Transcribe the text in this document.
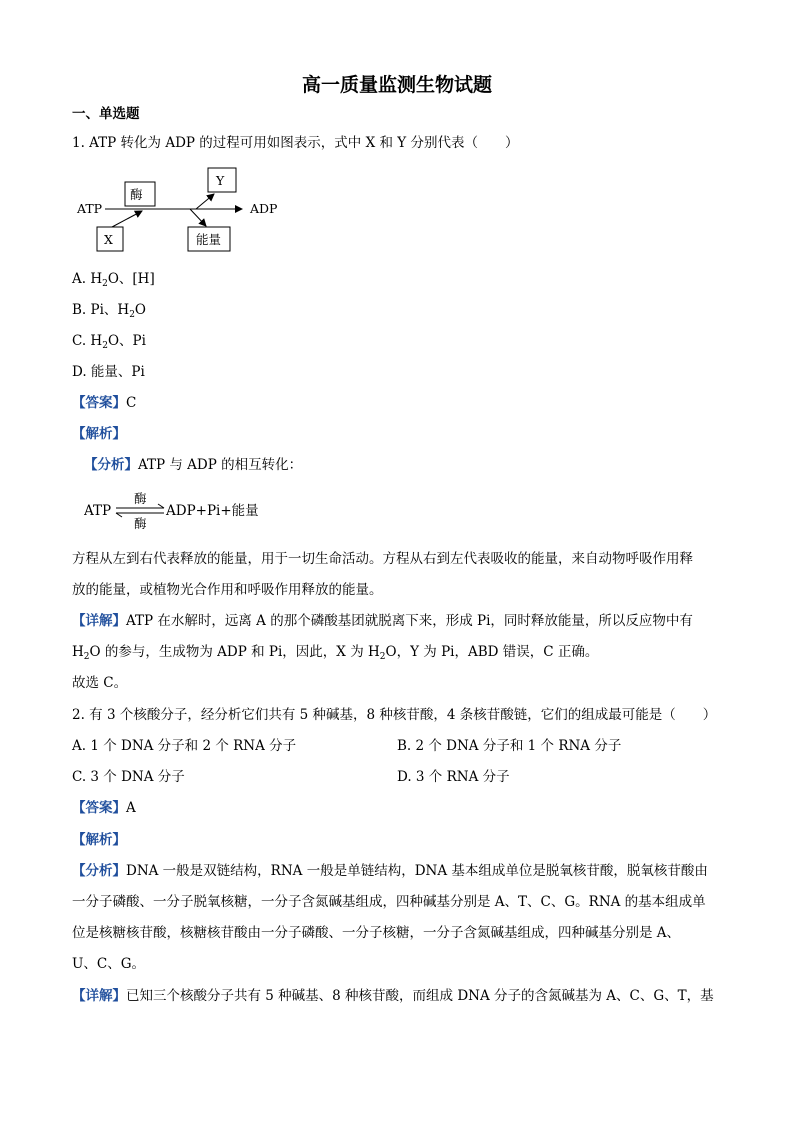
高一质量监测生物试题
一、单选题
1. ATP 转化为 ADP 的过程可用如图表示，式中 X 和 Y 分别代表（　　）
ATP	ADP
酶
Y
X	能量
A. $H_2O$、[H]
B. Pi、$H_2O$
C. $H_2O$、Pi
D. 能量、Pi
【答案】C
【解析】
【分析】ATP 与 ADP 的相互转化：
ATP
酶
酶
ADP+Pi+能量
方程从左到右代表释放的能量，用于一切生命活动。方程从右到左代表吸收的能量，来自动物呼吸作用释
放的能量，或植物光合作用和呼吸作用释放的能量。
【详解】ATP 在水解时，远离 A 的那个磷酸基团就脱离下来，形成 Pi，同时释放能量，所以反应物中有
$H_2O$ 的参与，生成物为 ADP 和 Pi，因此，X 为 $H_2O$，Y 为 Pi，ABD 错误，C 正确。
故选 C。
2. 有 3 个核酸分子，经分析它们共有 5 种碱基，8 种核苷酸，4 条核苷酸链，它们的组成最可能是（　　）
A. 1 个 DNA 分子和 2 个 RNA 分子	B. 2 个 DNA 分子和 1 个 RNA 分子
C. 3 个 DNA 分子	D. 3 个 RNA 分子
【答案】A
【解析】
【分析】DNA 一般是双链结构，RNA 一般是单链结构，DNA 基本组成单位是脱氧核苷酸，脱氧核苷酸由
一分子磷酸、一分子脱氧核糖，一分子含氮碱基组成，四种碱基分别是 A、T、C、G。RNA 的基本组成单
位是核糖核苷酸，核糖核苷酸由一分子磷酸、一分子核糖，一分子含氮碱基组成，四种碱基分别是 A、
U、C、G。
【详解】已知三个核酸分子共有 5 种碱基、8 种核苷酸，而组成 DNA 分子的含氮碱基为 A、C、G、T，基
